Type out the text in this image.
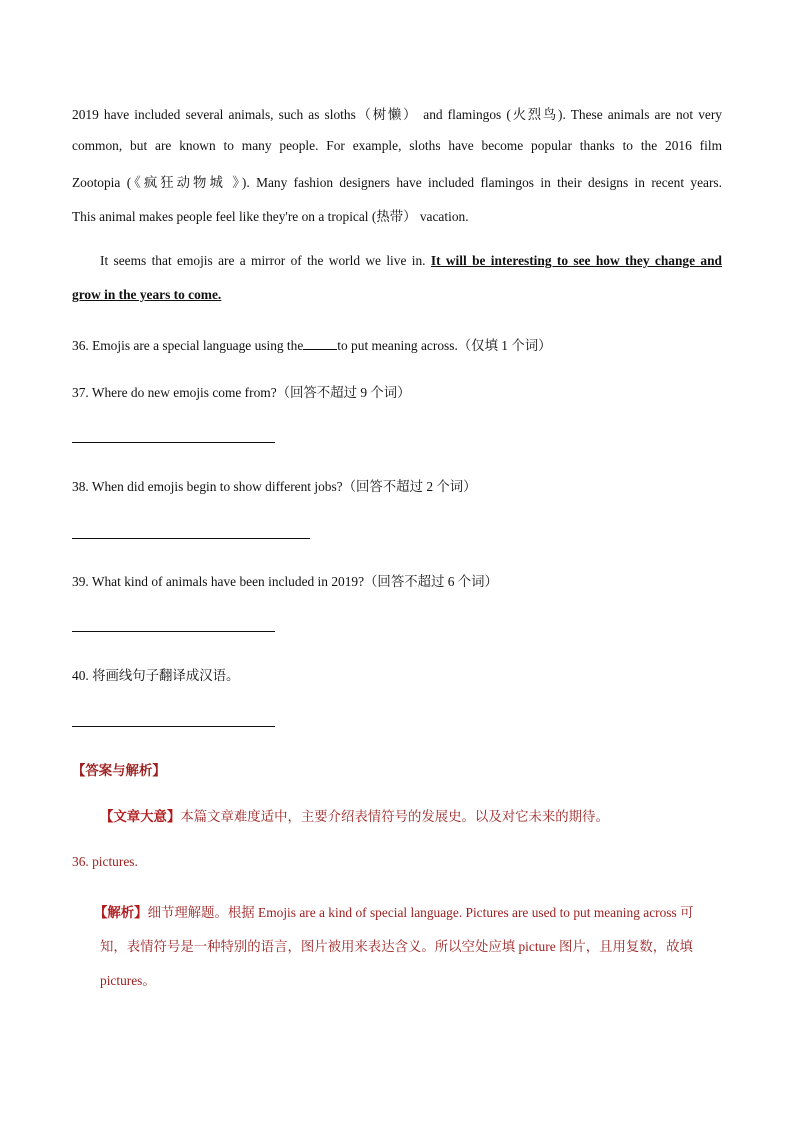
2019 have included several animals, such as sloths（树懒） and flamingos (火烈鸟). These animals are not very
common, but are known to many people. For example, sloths have become popular thanks to the 2016 film
Zootopia (《疯狂动物城 》). Many fashion designers have included flamingos in their designs in recent years.
This animal makes people feel like they're on a tropical (热带） vacation.
It seems that emojis are a mirror of the world we live in. It will be interesting to see how they change and
grow in the years to come.
36. Emojis are a special language using the	to put meaning across.（仅填 1 个词）
37. Where do new emojis come from?（回答不超过 9 个词）
38. When did emojis begin to show different jobs?（回答不超过 2 个词）
39. What kind of animals have been included in 2019?（回答不超过 6 个词）
40. 将画线句子翻译成汉语。
【答案与解析】
【文章大意】本篇文章难度适中，主要介绍表情符号的发展史。以及对它未来的期待。
36. pictures.
【解析】细节理解题。根据 Emojis are a kind of special language. Pictures are used to put meaning across 可
知，表情符号是一种特别的语言，图片被用来表达含义。所以空处应填 picture 图片，且用复数，故填
pictures。
